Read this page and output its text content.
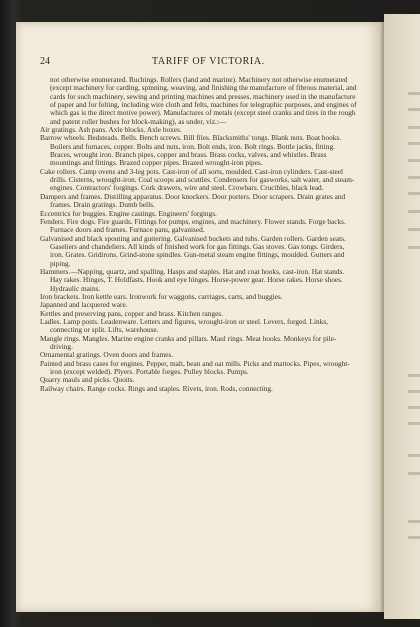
24	TARIFF OF VICTORIA.

not otherwise enumerated. Ruchings. Rollers (land and marine). Machinery not otherwise enumerated (except machinery for carding, spinning, weaving, and finishing the manufacture of fibrous material, and cards for such machinery, sewing and printing machines and presses, machinery used in the manufacture of paper and for felting, including wire cloth and felts, machines for telegraphic purposes, and engines of which gas is the direct motive power). Manufactures of metals (except steel cranks and tires in the rough and patent roller bushes for block-making), as under, viz.:—

Air gratings. Ash pans. Axle blocks. Axle boxes.

Barrow wheels. Bedsteads. Bells. Bench screws. Bill files. Blacksmiths' tongs. Blank nuts. Boat hooks. Boilers and furnaces, copper. Bolts and nuts, iron. Bolt ends, iron. Bolt rings. Bottle jacks, fitting. Braces, wrought iron. Branch pipes, copper and brass. Brass cocks, valves, and whistles. Brass mountings and fittings. Brazed copper pipes. Brazed wrought-iron pipes.

Cake rollers. Camp ovens and 3-leg pots. Cast-iron of all sorts, moulded. Cast-iron cylinders. Cast-steel drills. Cisterns, wrought-iron. Coal scoops and scuttles. Condensers for gasworks, salt water, and steam-engines. Contractors' forgings. Cork drawers, wire and steel. Crowbars. Crucibles, black lead.

Dampers and frames. Distilling apparatus. Door knockers. Door porters. Door scrapers. Drain grates and frames. Drain gratings. Dumb bells.

Eccentrics for buggies. Engine castings. Engineers' forgings.

Fenders. Fire dogs. Fire guards. Fittings for pumps, engines, and machinery. Flower stands. Forge backs. Furnace doors and frames. Furnace pans, galvanised.

Galvanised and black spouting and guttering. Galvanised buckets and tubs. Garden rollers. Garden seats. Gaseliers and chandeliers. All kinds of finished work for gas fittings. Gas stoves. Gas tongs. Girders, iron. Grates. Gridirons. Grind-stone spindles. Gun-metal steam engine fittings, moulded. Gutters and piping.

Hammers.—Napping, quartz, and spalling. Hasps and staples. Hat and coat hooks, cast-iron. Hat stands. Hay rakes. Hinges, T. Holdfasts. Hook and eye hinges. Horse-power gear. Horse rakes. Horse shoes. Hydraulic mains.

Iron brackets. Iron kettle ears. Ironwork for waggons, carriages, carts, and buggies.

Japanned and lacquered ware.

Kettles and preserving pans, copper and brass. Kitchen ranges.

Ladles. Lamp posts. Leadenware. Letters and figures, wrought-iron or steel. Levers, forged. Links, connecting or split. Lifts, warehouse.

Mangle rings. Mangles. Marine engine cranks and pillars. Maul rings. Meat hooks. Monkeys for pile-driving.

Ornamental gratings. Oven doors and frames.

Painted and brass cases for engines. Pepper, malt, bean and oat mills. Picks and mattocks. Pipes, wrought-iron (except welded). Plyers. Portable forges. Pulley blocks. Pumps.

Quarry mauls and picks. Quoits.

Railway chairs. Range cocks. Rings and staples. Rivets, iron. Rods, connecting.
